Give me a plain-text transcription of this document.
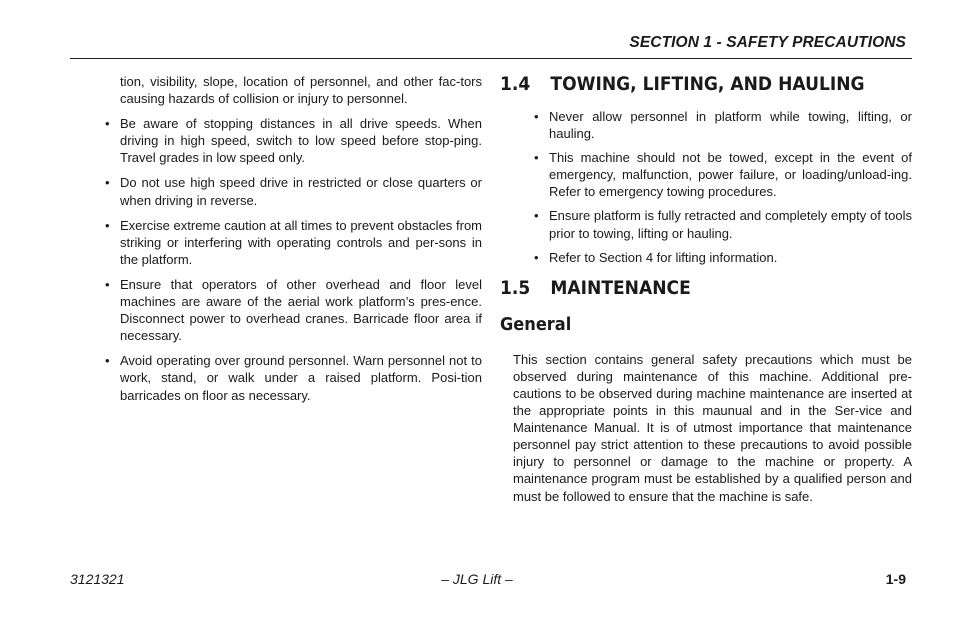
SECTION 1 - SAFETY PRECAUTIONS

tion, visibility, slope, location of personnel, and other fac-tors causing hazards of collision or injury to personnel.

• Be aware of stopping distances in all drive speeds. When driving in high speed, switch to low speed before stop-ping. Travel grades in low speed only.
• Do not use high speed drive in restricted or close quarters or when driving in reverse.
• Exercise extreme caution at all times to prevent obstacles from striking or interfering with operating controls and per-sons in the platform.
• Ensure that operators of other overhead and floor level machines are aware of the aerial work platform’s pres-ence. Disconnect power to overhead cranes. Barricade floor area if necessary.
• Avoid operating over ground personnel. Warn personnel not to work, stand, or walk under a raised platform. Posi-tion barricades on floor as necessary.
1.4	TOWING, LIFTING, AND HAULING
• Never allow personnel in platform while towing, lifting, or hauling.
• This machine should not be towed, except in the event of emergency, malfunction, power failure, or loading/unload-ing. Refer to emergency towing procedures.
• Ensure platform is fully retracted and completely empty of tools prior to towing, lifting or hauling.
• Refer to Section 4 for lifting information.
1.5	MAINTENANCE
General

This section contains general safety precautions which must be observed during maintenance of this machine. Additional pre-cautions to be observed during machine maintenance are inserted at the appropriate points in this maunual and in the Ser-vice and Maintenance Manual. It is of utmost importance that maintenance personnel pay strict attention to these precautions to avoid possible injury to personnel or damage to the machine or property. A maintenance program must be established by a qualified person and must be followed to ensure that the machine is safe.

3121321	– JLG Lift –	1-9
